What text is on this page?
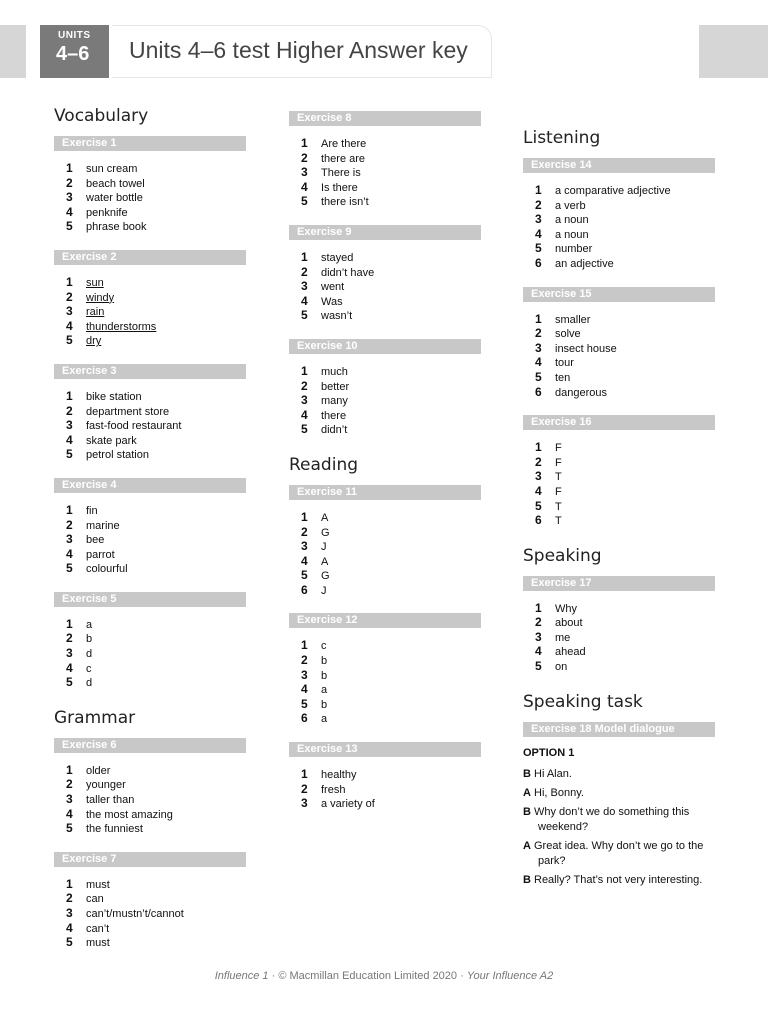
UNITS
4–6 Units 4–6 test Higher Answer key
Vocabulary
Exercise 1
1 sun cream
2 beach towel
3 water bottle
4 penknife
5 phrase book
Exercise 2
1 sun
2 windy
3 rain
4 thunderstorms
5 dry
Exercise 3
1 bike station
2 department store
3 fast-food restaurant
4 skate park
5 petrol station
Exercise 4
1 fin
2 marine
3 bee
4 parrot
5 colourful
Exercise 5
1 a
2 b
3 d
4 c
5 d
Grammar
Exercise 6
1 older
2 younger
3 taller than
4 the most amazing
5 the funniest
Exercise 7
1 must
2 can
3 can’t/mustn’t/cannot
4 can’t
5 must
Exercise 8
1 Are there
2 there are
3 There is
4 Is there
5 there isn’t
Exercise 9
1 stayed
2 didn’t have
3 went
4 Was
5 wasn’t
Exercise 10
1 much
2 better
3 many
4 there
5 didn’t
Reading
Exercise 11
1 A
2 G
3 J
4 A
5 G
6 J
Exercise 12
1 c
2 b
3 b
4 a
5 b
6 a
Exercise 13
1 healthy
2 fresh
3 a variety of
Listening
Exercise 14
1 a comparative adjective
2 a verb
3 a noun
4 a noun
5 number
6 an adjective
Exercise 15
1 smaller
2 solve
3 insect house
4 tour
5 ten
6 dangerous
Exercise 16
1 F
2 F
3 T
4 F
5 T
6 T
Speaking
Exercise 17
1 Why
2 about
3 me
4 ahead
5 on
Speaking task
Exercise 18 Model dialogue
OPTION 1
B Hi Alan.
A Hi, Bonny.
B Why don’t we do something this weekend?
A Great idea. Why don’t we go to the park?
B Really? That’s not very interesting.
Influence 1 · © Macmillan Education Limited 2020 · Your Influence A2
